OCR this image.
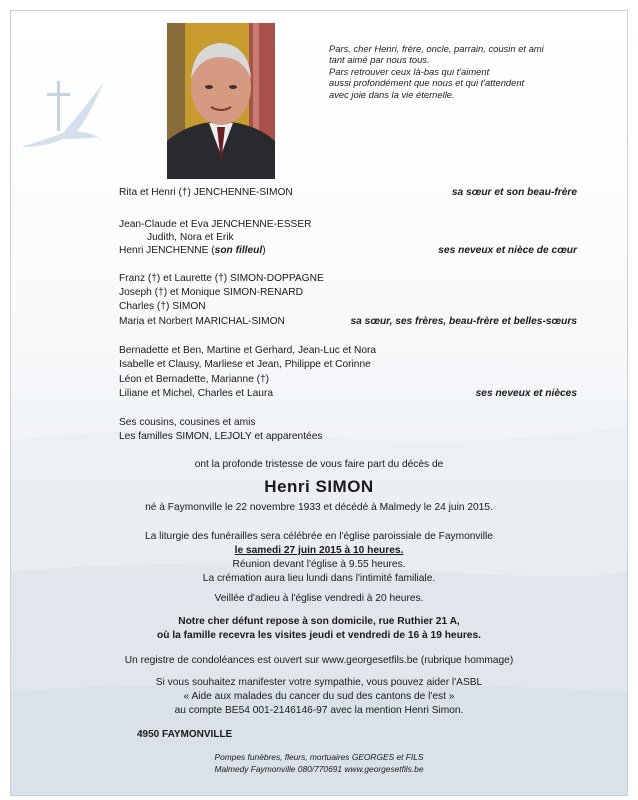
Pars, cher Henri, frère, oncle, parrain, cousin et ami
tant aimé par nous tous.
Pars retrouver ceux là-bas qui t'aiment
aussi profondément que nous et qui t'attendent
avec joie dans la vie éternelle.
Rita et Henri (†) JENCHENNE-SIMON	sa sœur et son beau-frère
Jean-Claude et Eva JENCHENNE-ESSER
Judith, Nora et Erik
Henri JENCHENNE (son filleul)	ses neveux et nièce de cœur
Franz (†) et Laurette (†) SIMON-DOPPAGNE
Joseph (†) et Monique SIMON-RENARD
Charles (†) SIMON
Maria et Norbert MARICHAL-SIMON	sa sœur, ses frères, beau-frère et belles-sœurs
Bernadette et Ben, Martine et Gerhard, Jean-Luc et Nora
Isabelle et Clausy, Marliese et Jean, Philippe et Corinne
Léon et Bernadette, Marianne (†)
Liliane et Michel, Charles et Laura	ses neveux et nièces
Ses cousins, cousines et amis
Les familles SIMON, LEJOLY et apparentées
ont la profonde tristesse de vous faire part du décès de
Henri SIMON
né à Faymonville le 22 novembre 1933 et décédé à Malmedy le 24 juin 2015.
La liturgie des funérailles sera célébrée en l'église paroissiale de Faymonville
le samedi 27 juin 2015 à 10 heures.
Réunion devant l'église à 9.55 heures.
La crémation aura lieu lundi dans l'intimité familiale.
Veillée d'adieu à l'église vendredi à 20 heures.
Notre cher défunt repose à son domicile, rue Ruthier 21 A,
où la famille recevra les visites jeudi et vendredi de 16 à 19 heures.
Un registre de condoléances est ouvert sur www.georgesetfils.be (rubrique hommage)
Si vous souhaitez manifester votre sympathie, vous pouvez aider l'ASBL
« Aide aux malades du cancer du sud des cantons de l'est »
au compte BE54 001-2146146-97 avec la mention Henri Simon.
4950 FAYMONVILLE
Pompes funèbres, fleurs, mortuaires GEORGES et FILS
Malmedy Faymonville 080/770691 www.georgesetfils.be
